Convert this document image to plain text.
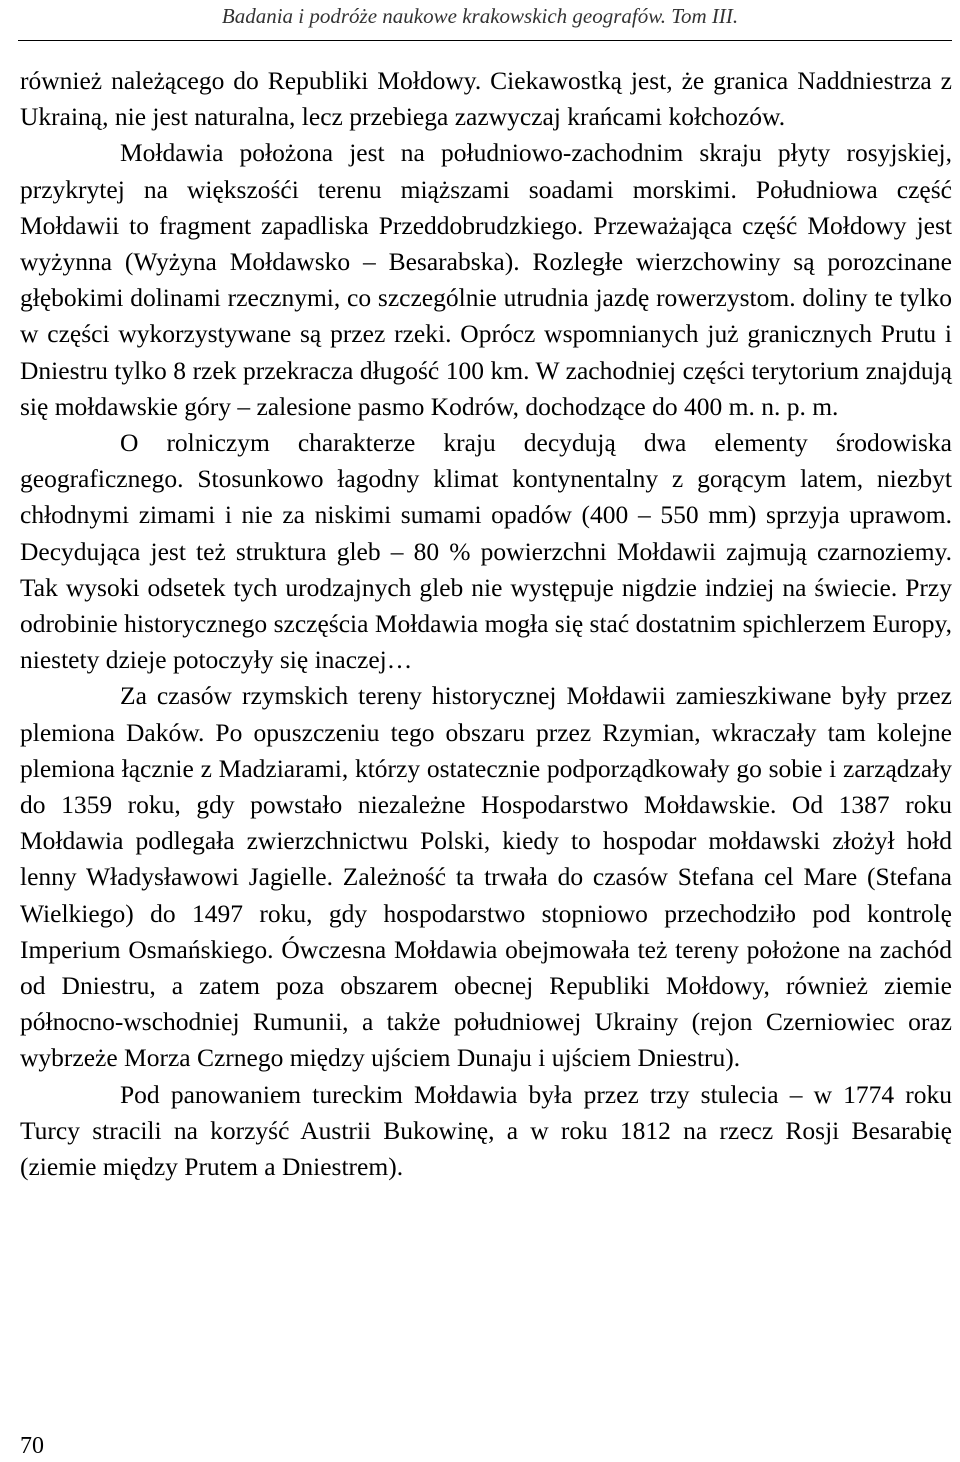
Badania i podróże naukowe krakowskich geografów. Tom III.

również należącego do Republiki Mołdowy. Ciekawostką jest, że granica Naddniestrza z Ukrainą, nie jest naturalna, lecz przebiega zazwyczaj krańcami kołchozów.

Mołdawia położona jest na południowo-zachodnim skraju płyty rosyjskiej, przykrytej na większośći terenu miąższami soadami morskimi. Południowa część Mołdawii to fragment zapadliska Przeddobrudzkiego. Przeważająca część Mołdowy jest wyżynna (Wyżyna Mołdawsko – Besarabska). Rozległe wierzchowiny są porozcinane głębokimi dolinami rzecznymi, co szczególnie utrudnia jazdę rowerzystom. doliny te tylko w części wykorzystywane są przez rzeki. Oprócz wspomnianych już granicznych Prutu i Dniestru tylko 8 rzek przekracza długość 100 km. W zachodniej części terytorium znajdują się mołdawskie góry – zalesione pasmo Kodrów, dochodzące do 400 m. n. p. m.

O rolniczym charakterze kraju decydują dwa elementy środowiska geograficznego. Stosunkowo łagodny klimat kontynentalny z gorącym latem, niezbyt chłodnymi zimami i nie za niskimi sumami opadów (400 – 550 mm) sprzyja uprawom. Decydująca jest też struktura gleb – 80 % powierzchni Mołdawii zajmują czarnoziemy. Tak wysoki odsetek tych urodzajnych gleb nie występuje nigdzie indziej na świecie. Przy odrobinie historycznego szczęścia Mołdawia mogła się stać dostatnim spichlerzem Europy, niestety dzieje potoczyły się inaczej…

Za czasów rzymskich tereny historycznej Mołdawii zamieszkiwane były przez plemiona Daków. Po opuszczeniu tego obszaru przez Rzymian, wkraczały tam kolejne plemiona łącznie z Madziarami, którzy ostatecznie podporządkowały go sobie i zarządzały do 1359 roku, gdy powstało niezależne Hospodarstwo Mołdawskie. Od 1387 roku Mołdawia podlegała zwierzchnictwu Polski, kiedy to hospodar mołdawski złożył hołd lenny Władysławowi Jagielle. Zależność ta trwała do czasów Stefana cel Mare (Stefana Wielkiego) do 1497 roku, gdy hospodarstwo stopniowo przechodziło pod kontrolę Imperium Osmańskiego. Ówczesna Mołdawia obejmowała też tereny położone na zachód od Dniestru, a zatem poza obszarem obecnej Republiki Mołdowy, również ziemie północno-wschodniej Rumunii, a także południowej Ukrainy (rejon Czerniowiec oraz wybrzeże Morza Czrnego między ujściem Dunaju i ujściem Dniestru).

Pod panowaniem tureckim Mołdawia była przez trzy stulecia – w 1774 roku Turcy stracili na korzyść Austrii Bukowinę, a w roku 1812 na rzecz Rosji Besarabię (ziemie między Prutem a Dniestrem).

70
